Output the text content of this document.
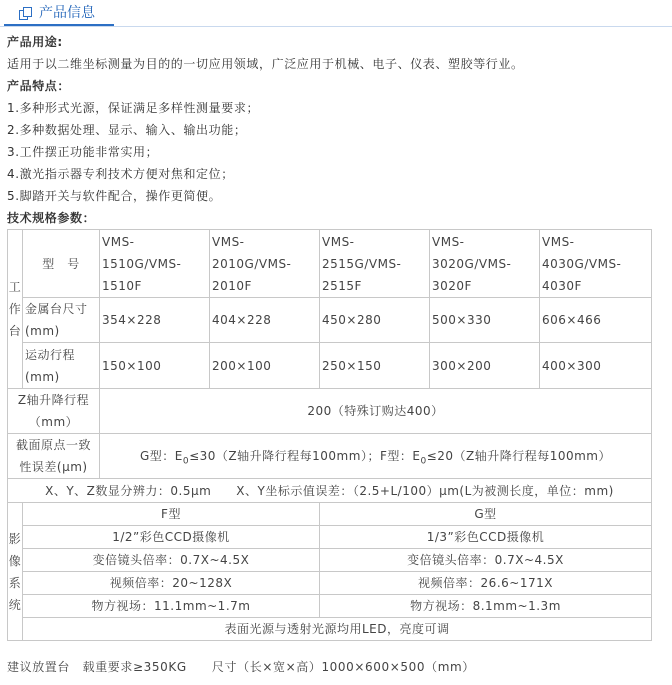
产品信息
产品用途:
适用于以二维坐标测量为目的的一切应用领域，广泛应用于机械、电子、仪表、塑胶等行业。
产品特点：
1.多种形式光源，保证满足多样性测量要求；
2.多种数据处理、显示、输入、输出功能；
3.工件摆正功能非常实用；
4.激光指示器专利技术方便对焦和定位；
5.脚踏开关与软件配合，操作更简便。
技术规格参数：
工作台	型　号	VMS-1510G/VMS-1510F	VMS-2010G/VMS-2010F	VMS-2515G/VMS-2515F	VMS-3020G/VMS-3020F	VMS-4030G/VMS-4030F
	金属台尺寸(mm)	354×228	404×228	450×280	500×330	606×466
	运动行程(mm)	150×100	200×100	250×150	300×200	400×300
Z轴升降行程（mm）		200（特殊订购达400）				
截面原点一致性误差(μm)		G型：$E_0\le 30(Z$轴升降行程每100mm）；F型：$E_0\le 20(Z$轴升降行程每100mm）				
X、Y、Z数显分辨力：0.5μm　　X、Y坐标示值误差：（2.5+L/100）μm(L为被测长度，单位：mm)						
影像系统	F型			G型		
	1/2”彩色CCD摄像机			1/3”彩色CCD摄像机		
	变倍镜头倍率：0.7X~4.5X			变倍镜头倍率：0.7X~4.5X		
	视频倍率：20~128X			视频倍率：26.6~171X		
	物方视场：11.1mm~1.7m			物方视场：8.1mm~1.3m		
	表面光源与透射光源均用LED，亮度可调					
建议放置台　载重要求≥350KG　　尺寸（长×宽×高）1000×600×500（mm）
